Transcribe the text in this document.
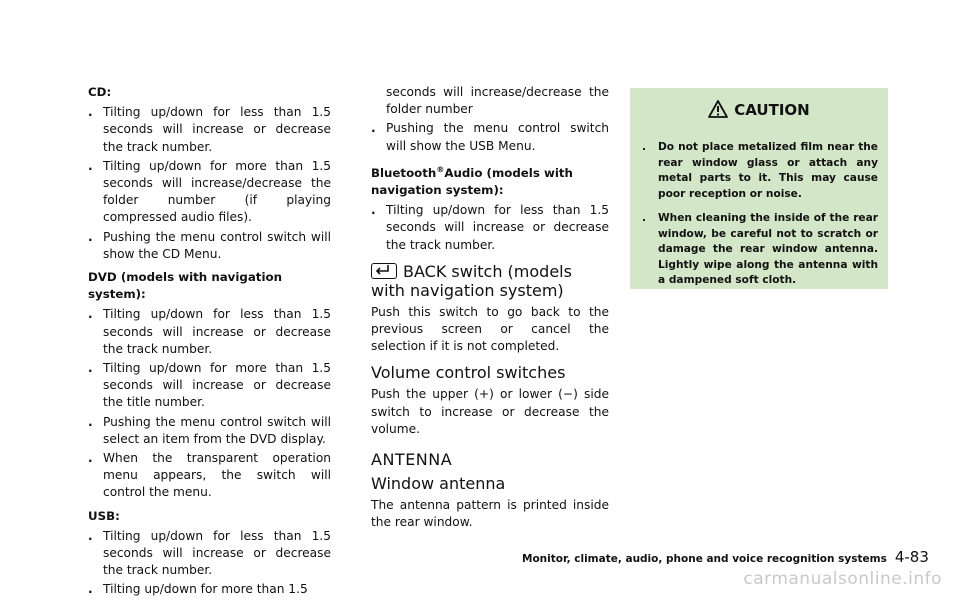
CD:
. Tilting up/down for less than 1.5 seconds will increase or decrease the track number.
. Tilting up/down for more than 1.5 seconds will increase/decrease the folder number (if playing compressed audio files).
. Pushing the menu control switch will show the CD Menu.
DVD (models with navigation system):
. Tilting up/down for less than 1.5 seconds will increase or decrease the track number.
. Tilting up/down for more than 1.5 seconds will increase or decrease the title number.
. Pushing the menu control switch will select an item from the DVD display.
. When the transparent operation menu appears, the switch will control the menu.
USB:
. Tilting up/down for less than 1.5 seconds will increase or decrease the track number.
. Tilting up/down for more than 1.5
seconds will increase/decrease the folder number
. Pushing the menu control switch will show the USB Menu.
Bluetooth®Audio (models with navigation system):
. Tilting up/down for less than 1.5 seconds will increase or decrease the track number.
BACK switch (models with navigation system)
Push this switch to go back to the previous screen or cancel the selection if it is not completed.
Volume control switches
Push the upper (+) or lower (−) side switch to increase or decrease the volume.
ANTENNA
Window antenna
The antenna pattern is printed inside the rear window.
CAUTION
. Do not place metalized film near the rear window glass or attach any metal parts to it. This may cause poor reception or noise.
. When cleaning the inside of the rear window, be careful not to scratch or damage the rear window antenna. Lightly wipe along the antenna with a dampened soft cloth.
Monitor, climate, audio, phone and voice recognition systems 4-83
carmanualsonline.info
